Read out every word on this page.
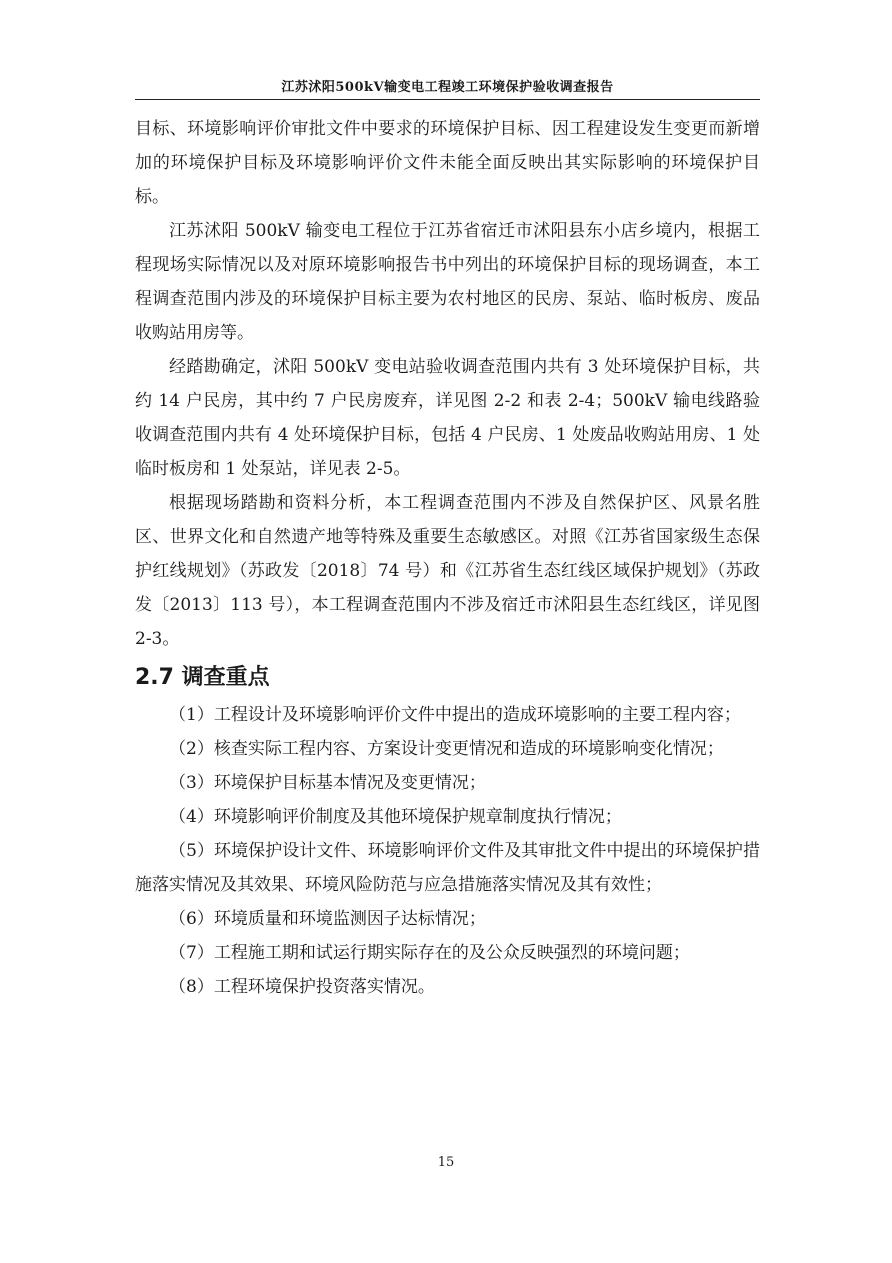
江苏沭阳500kV输变电工程竣工环境保护验收调查报告

目标、环境影响评价审批文件中要求的环境保护目标、因工程建设发生变更而新增加的环境保护目标及环境影响评价文件未能全面反映出其实际影响的环境保护目标。

江苏沭阳 500kV 输变电工程位于江苏省宿迁市沭阳县东小店乡境内，根据工程现场实际情况以及对原环境影响报告书中列出的环境保护目标的现场调查，本工程调查范围内涉及的环境保护目标主要为农村地区的民房、泵站、临时板房、废品收购站用房等。

经踏勘确定，沭阳 500kV 变电站验收调查范围内共有 3 处环境保护目标，共约 14 户民房，其中约 7 户民房废弃，详见图 2-2 和表 2-4；500kV 输电线路验收调查范围内共有 4 处环境保护目标，包括 4 户民房、1 处废品收购站用房、1 处临时板房和 1 处泵站，详见表 2-5。

根据现场踏勘和资料分析，本工程调查范围内不涉及自然保护区、风景名胜区、世界文化和自然遗产地等特殊及重要生态敏感区。对照《江苏省国家级生态保护红线规划》（苏政发〔2018〕74 号）和《江苏省生态红线区域保护规划》（苏政发〔2013〕113 号），本工程调查范围内不涉及宿迁市沭阳县生态红线区，详见图 2-3。

2.7 调查重点
（1）工程设计及环境影响评价文件中提出的造成环境影响的主要工程内容；
（2）核查实际工程内容、方案设计变更情况和造成的环境影响变化情况；
（3）环境保护目标基本情况及变更情况；
（4）环境影响评价制度及其他环境保护规章制度执行情况；
（5）环境保护设计文件、环境影响评价文件及其审批文件中提出的环境保护措施落实情况及其效果、环境风险防范与应急措施落实情况及其有效性；
（6）环境质量和环境监测因子达标情况；
（7）工程施工期和试运行期实际存在的及公众反映强烈的环境问题；
（8）工程环境保护投资落实情况。
15
